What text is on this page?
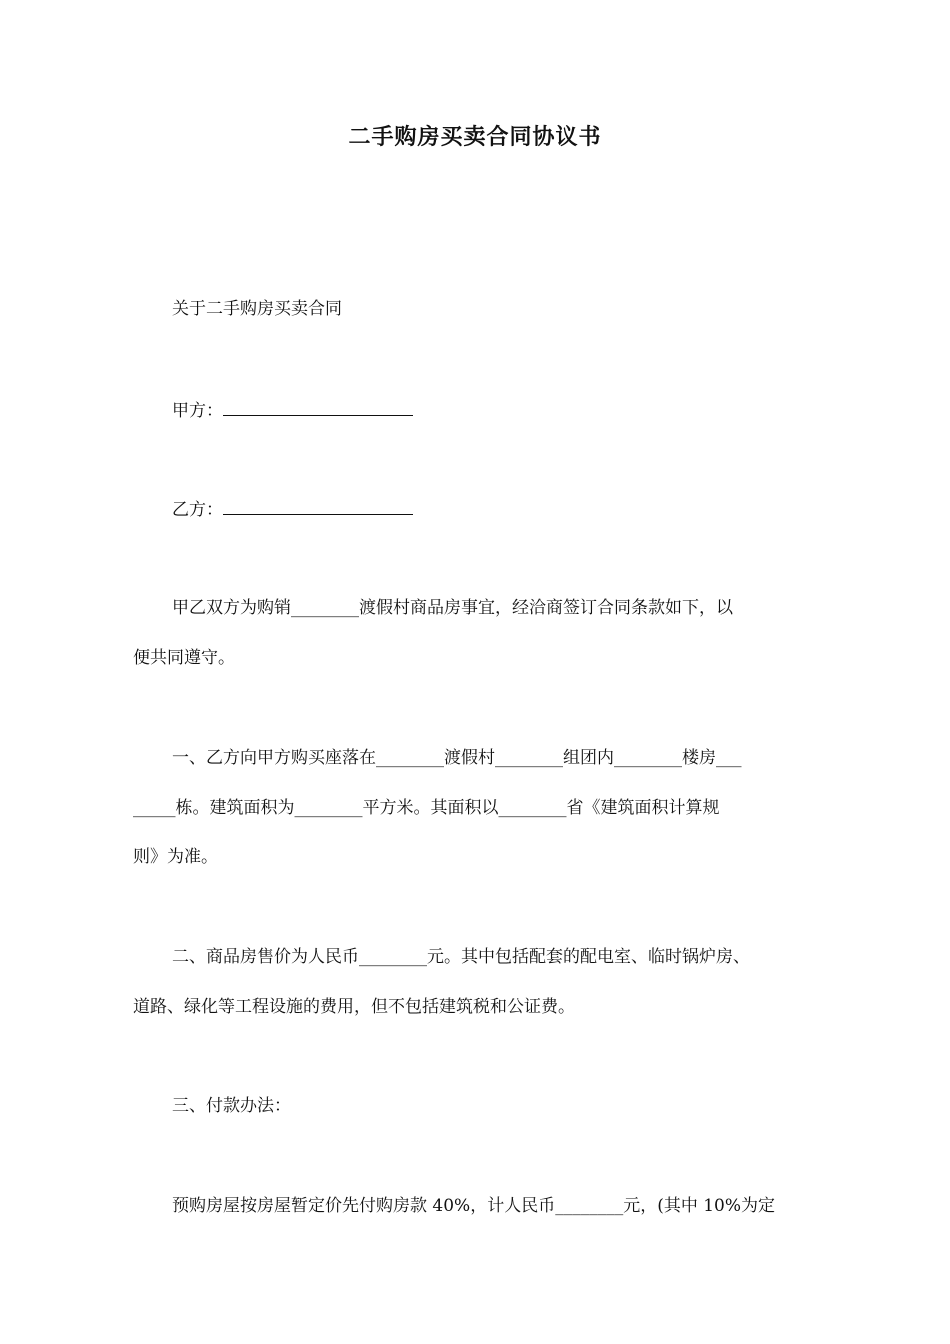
二手购房买卖合同协议书
关于二手购房买卖合同
甲方：
乙方：
甲乙双方为购销________渡假村商品房事宜，经洽商签订合同条款如下，以
便共同遵守。
一、乙方向甲方购买座落在________渡假村________组团内________楼房___
_____栋。建筑面积为________平方米。其面积以________省《建筑面积计算规
则》为准。
二、商品房售价为人民币________元。其中包括配套的配电室、临时锅炉房、
道路、绿化等工程设施的费用，但不包括建筑税和公证费。
三、付款办法：
预购房屋按房屋暂定价先付购房款 40%，计人民币________元，(其中 10%为定
